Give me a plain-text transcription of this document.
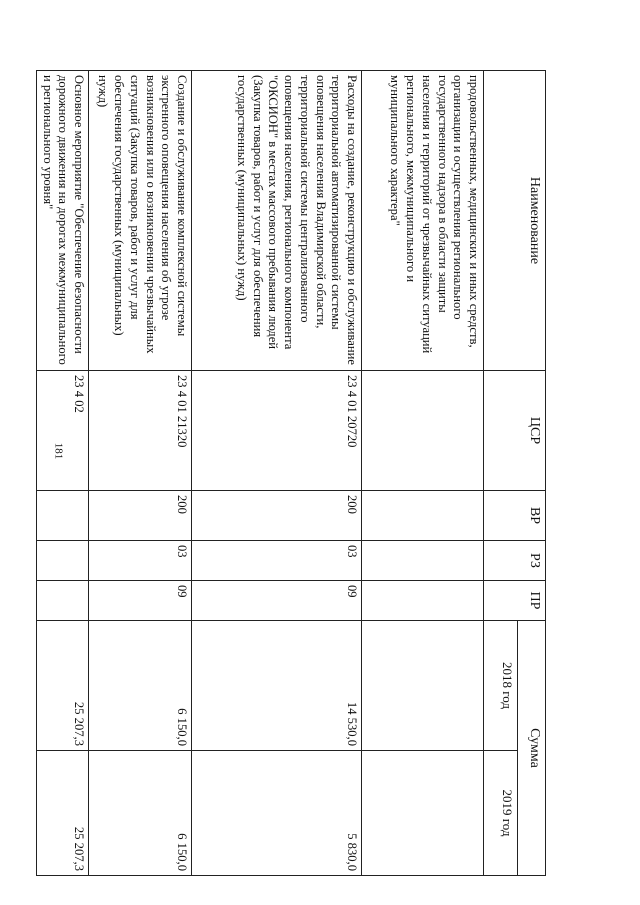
181
Наименование	ЦСР	ВР	РЗ	ПР	Сумма	
					2018 год	2019 год
продовольственных, медицинских и иных средств, организации и осуществления регионального государственного надзора в области защиты населения и территорий от чрезвычайных ситуаций регионального, межмуниципального и муниципального характера"						
Расходы на создание, реконструкцию и обслуживание территориальной автоматизированной системы оповещения населения Владимирской области, территориальной системы централизованного оповещения населения, регионального компонента "ОКСИОН" в местах массового пребывания людей (Закупка товаров, работ и услуг для обеспечения государственных (муниципальных) нужд)	23 4 01 20720	200	03	09	14 530,0	5 830,0
Создание и обслуживание комплексной системы экстренного оповещения населения об угрозе возникновения или о возникновении чрезвычайных ситуаций (Закупка товаров, работ и услуг для обеспечения государственных (муниципальных) нужд)	23 4 01 21320	200	03	09	6 150,0	6 150,0
Основное мероприятие "Обеспечение безопасности дорожного движения на дорогах межмуниципального и регионального уровня"	23 4 02				25 207,3	25 207,3
